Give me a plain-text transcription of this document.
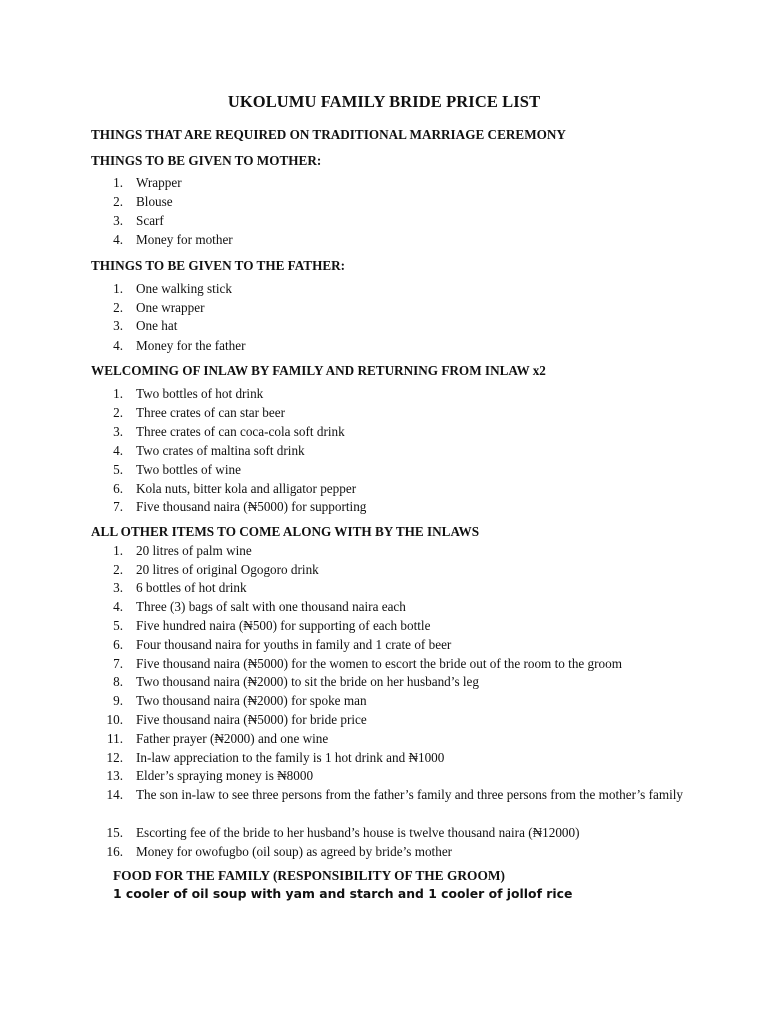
UKOLUMU FAMILY BRIDE PRICE LIST
THINGS THAT ARE REQUIRED ON TRADITIONAL MARRIAGE CEREMONY
THINGS TO BE GIVEN TO MOTHER:
1. Wrapper
2. Blouse
3. Scarf
4. Money for mother
THINGS TO BE GIVEN TO THE FATHER:
1. One walking stick
2. One wrapper
3. One hat
4. Money for the father
WELCOMING OF INLAW BY FAMILY AND RETURNING FROM INLAW x2
1. Two bottles of hot drink
2. Three crates of can star beer
3. Three crates of can coca-cola soft drink
4. Two crates of maltina soft drink
5. Two bottles of wine
6. Kola nuts, bitter kola and alligator pepper
7. Five thousand naira (₦5000) for supporting
ALL OTHER ITEMS TO COME ALONG WITH BY THE INLAWS
1. 20 litres of palm wine
2. 20 litres of original Ogogoro drink
3. 6 bottles of hot drink
4. Three (3) bags of salt with one thousand naira each
5. Five hundred naira (₦500) for supporting of each bottle
6. Four thousand naira for youths in family and 1 crate of beer
7. Five thousand naira (₦5000) for the women to escort the bride out of the room to the groom
8. Two thousand naira (₦2000) to sit the bride on her husband’s leg
9. Two thousand naira (₦2000) for spoke man
10. Five thousand naira (₦5000) for bride price
11. Father prayer (₦2000) and one wine
12. In-law appreciation to the family is 1 hot drink and ₦1000
13. Elder’s spraying money is ₦8000
14. The son in-law to see three persons from the father’s family and three persons from the mother’s family
15. Escorting fee of the bride to her husband’s house is twelve thousand naira (₦12000)
16. Money for owofugbo (oil soup) as agreed by bride’s mother
FOOD FOR THE FAMILY (RESPONSIBILITY OF THE GROOM)
1 cooler of oil soup with yam and starch and 1 cooler of jollof rice
